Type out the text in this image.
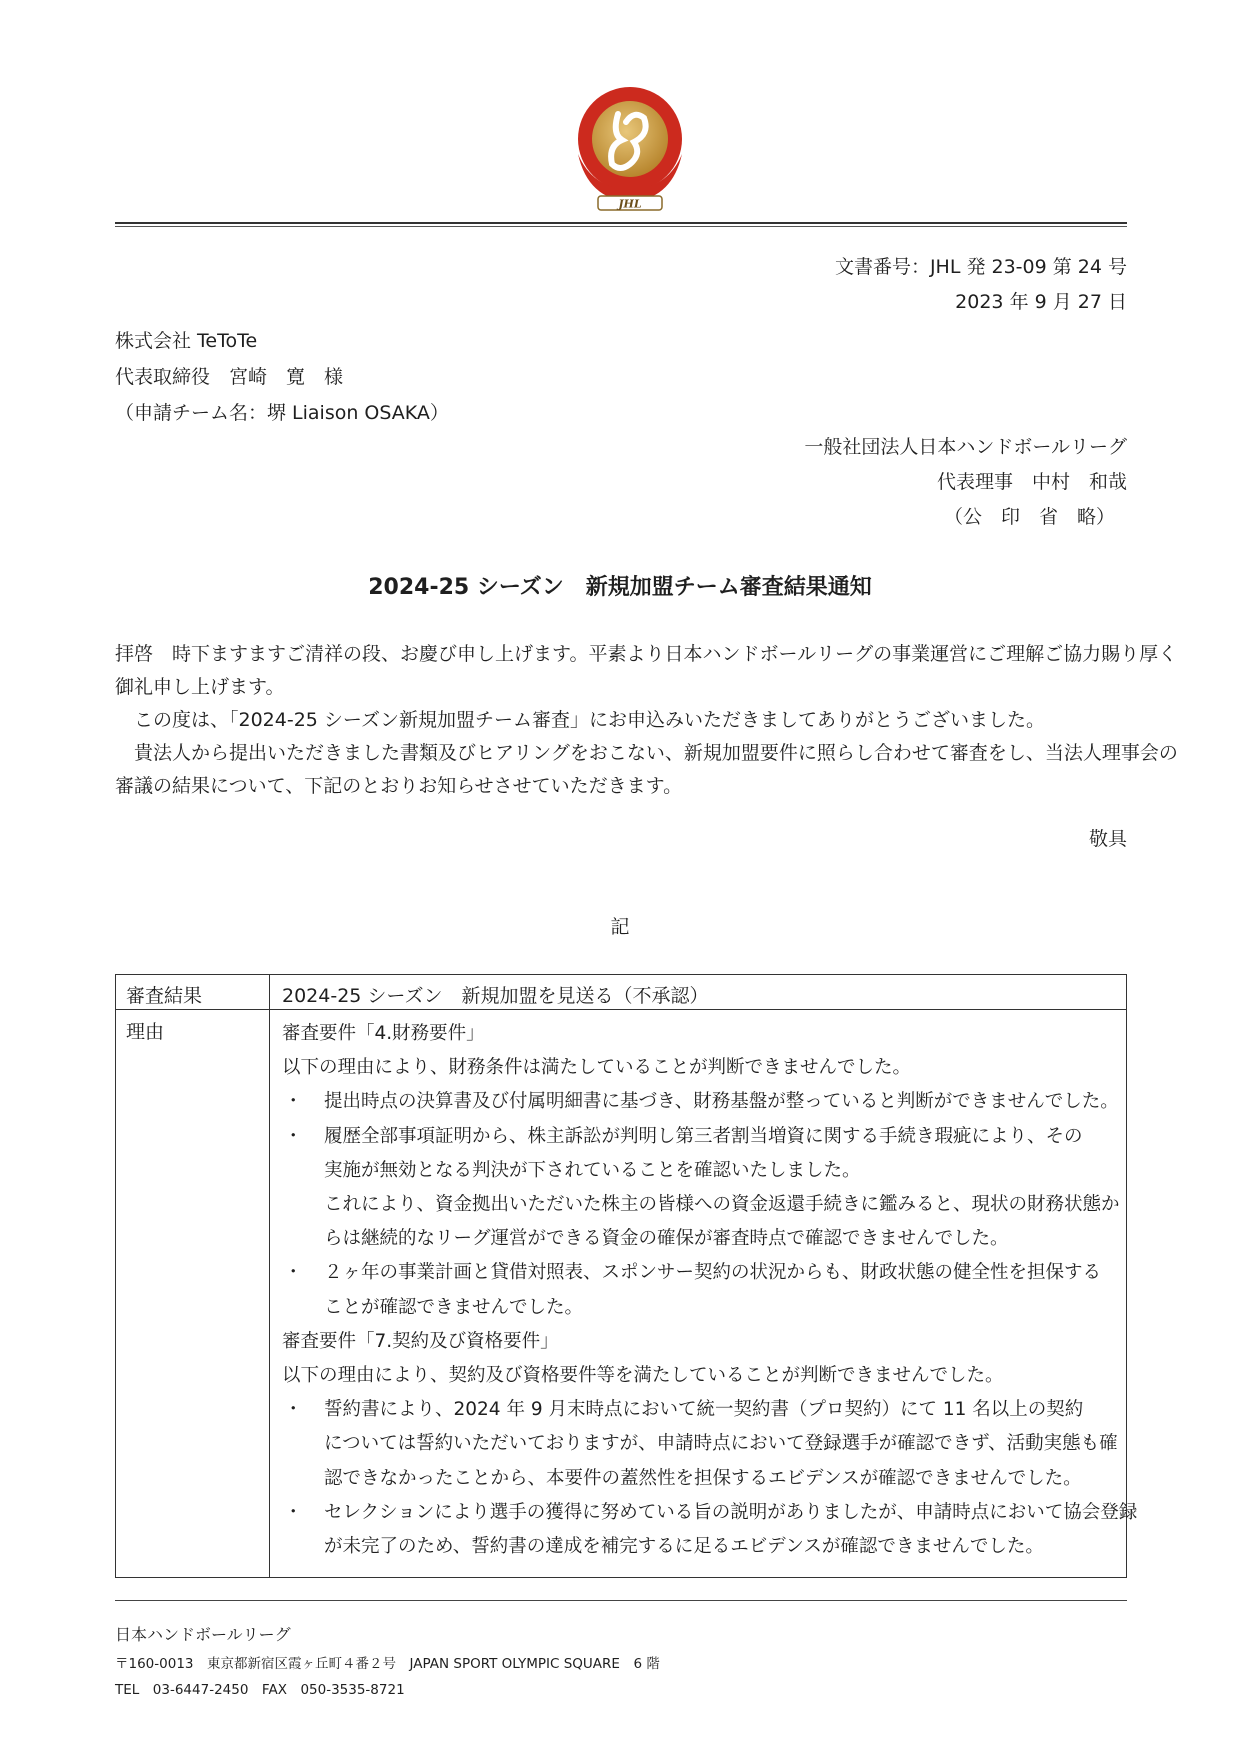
JHL
文書番号：JHL 発 23-09 第 24 号
2023 年 9 月 27 日
株式会社 TeToTe
代表取締役　宮崎　寛　様
（申請チーム名：堺 Liaison OSAKA）
一般社団法人日本ハンドボールリーグ
代表理事　中村　和哉
（公　印　省　略）
2024-25 シーズン　新規加盟チーム審査結果通知

拝啓　時下ますますご清祥の段、お慶び申し上げます。平素より日本ハンドボールリーグの事業運営にご理解ご協力賜り厚く

御礼申し上げます。

この度は、「2024-25 シーズン新規加盟チーム審査」にお申込みいただきましてありがとうございました。

貴法人から提出いただきました書類及びヒアリングをおこない、新規加盟要件に照らし合わせて審査をし、当法人理事会の

審議の結果について、下記のとおりお知らせさせていただきます。

敬具
記
審査結果	2024-25 シーズン　新規加盟を見送る（不承認）
理由	審査要件「4.財務要件」
以下の理由により、財務条件は満たしていることが判断できませんでした。
・ 提出時点の決算書及び付属明細書に基づき、財務基盤が整っていると判断ができませんでした。
・ 履歴全部事項証明から、株主訴訟が判明し第三者割当増資に関する手続き瑕疵により、その
実施が無効となる判決が下されていることを確認いたしました。
これにより、資金拠出いただいた株主の皆様への資金返還手続きに鑑みると、現状の財務状態か
らは継続的なリーグ運営ができる資金の確保が審査時点で確認できませんでした。
・ ２ヶ年の事業計画と貸借対照表、スポンサー契約の状況からも、財政状態の健全性を担保する
ことが確認できませんでした。
審査要件「7.契約及び資格要件」
以下の理由により、契約及び資格要件等を満たしていることが判断できませんでした。
・ 誓約書により、2024 年 9 月末時点において統一契約書（プロ契約）にて 11 名以上の契約
については誓約いただいておりますが、申請時点において登録選手が確認できず、活動実態も確
認できなかったことから、本要件の蓋然性を担保するエビデンスが確認できませんでした。
・ セレクションにより選手の獲得に努めている旨の説明がありましたが、申請時点において協会登録
が未完了のため、誓約書の達成を補完するに足るエビデンスが確認できませんでした。
日本ハンドボールリーグ
〒160-0013　東京都新宿区霞ヶ丘町４番２号　JAPAN SPORT OLYMPIC SQUARE　6 階
TEL　03-6447-2450　FAX　050-3535-8721
